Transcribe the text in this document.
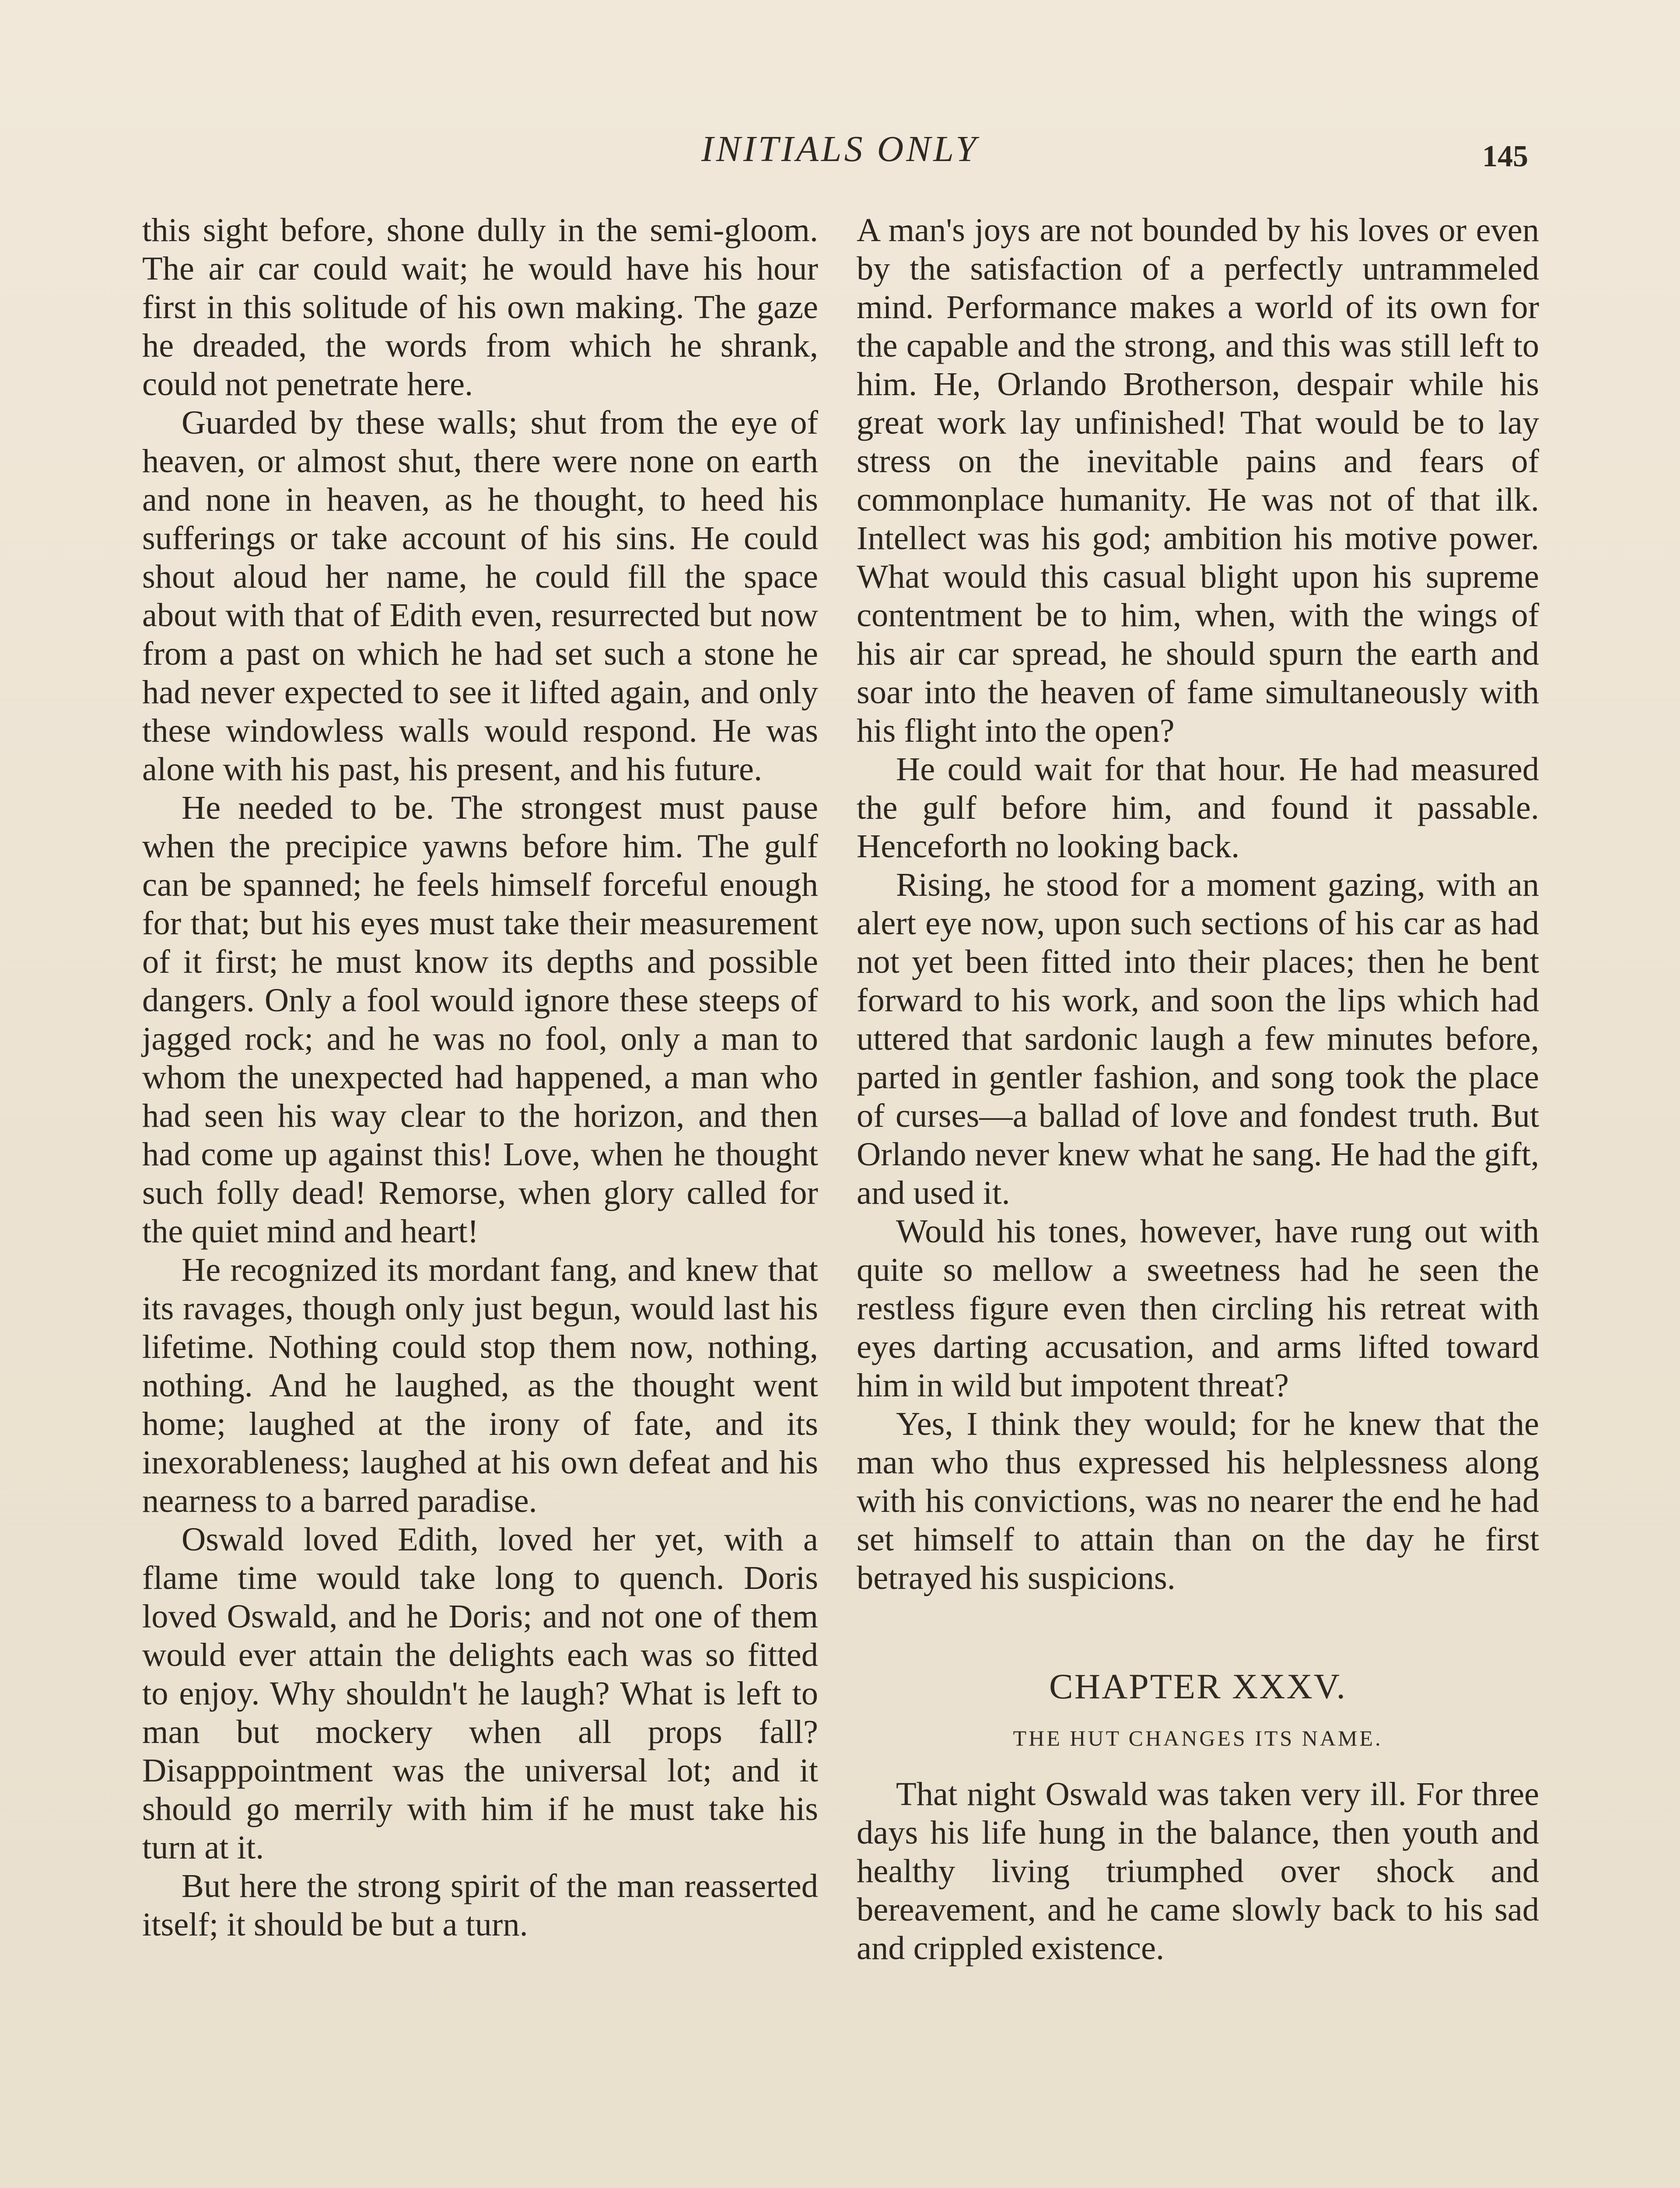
INITIALS ONLY	145

this sight before, shone dully in the semi-gloom. The air car could wait; he would have his hour first in this solitude of his own making. The gaze he dreaded, the words from which he shrank, could not penetrate here.

Guarded by these walls; shut from the eye of heaven, or almost shut, there were none on earth and none in heaven, as he thought, to heed his sufferings or take account of his sins. He could shout aloud her name, he could fill the space about with that of Edith even, resurrected but now from a past on which he had set such a stone he had never expected to see it lifted again, and only these windowless walls would respond. He was alone with his past, his present, and his future.

He needed to be. The strongest must pause when the precipice yawns before him. The gulf can be spanned; he feels himself forceful enough for that; but his eyes must take their measurement of it first; he must know its depths and possible dangers. Only a fool would ignore these steeps of jagged rock; and he was no fool, only a man to whom the unexpected had happened, a man who had seen his way clear to the horizon, and then had come up against this! Love, when he thought such folly dead! Remorse, when glory called for the quiet mind and heart!

He recognized its mordant fang, and knew that its ravages, though only just begun, would last his lifetime. Nothing could stop them now, nothing, nothing. And he laughed, as the thought went home; laughed at the irony of fate, and its inexorableness; laughed at his own defeat and his nearness to a barred paradise.

Oswald loved Edith, loved her yet, with a flame time would take long to quench. Doris loved Oswald, and he Doris; and not one of them would ever attain the delights each was so fitted to enjoy. Why shouldn't he laugh? What is left to man but mockery when all props fall? Disapppointment was the universal lot; and it should go merrily with him if he must take his turn at it.

But here the strong spirit of the man reasserted itself; it should be but a turn.

A man's joys are not bounded by his loves or even by the satisfaction of a perfectly untrammeled mind. Performance makes a world of its own for the capable and the strong, and this was still left to him. He, Orlando Brotherson, despair while his great work lay unfinished! That would be to lay stress on the inevitable pains and fears of commonplace humanity. He was not of that ilk. Intellect was his god; ambition his motive power. What would this casual blight upon his supreme contentment be to him, when, with the wings of his air car spread, he should spurn the earth and soar into the heaven of fame simultaneously with his flight into the open?

He could wait for that hour. He had measured the gulf before him, and found it passable. Henceforth no looking back.

Rising, he stood for a moment gazing, with an alert eye now, upon such sections of his car as had not yet been fitted into their places; then he bent forward to his work, and soon the lips which had uttered that sardonic laugh a few minutes before, parted in gentler fashion, and song took the place of curses—a ballad of love and fondest truth. But Orlando never knew what he sang. He had the gift, and used it.

Would his tones, however, have rung out with quite so mellow a sweetness had he seen the restless figure even then circling his retreat with eyes darting accusation, and arms lifted toward him in wild but impotent threat?

Yes, I think they would; for he knew that the man who thus expressed his helplessness along with his convictions, was no nearer the end he had set himself to attain than on the day he first betrayed his suspicions.

CHAPTER XXXV.
THE HUT CHANGES ITS NAME.

That night Oswald was taken very ill. For three days his life hung in the balance, then youth and healthy living triumphed over shock and bereavement, and he came slowly back to his sad and crippled existence.
